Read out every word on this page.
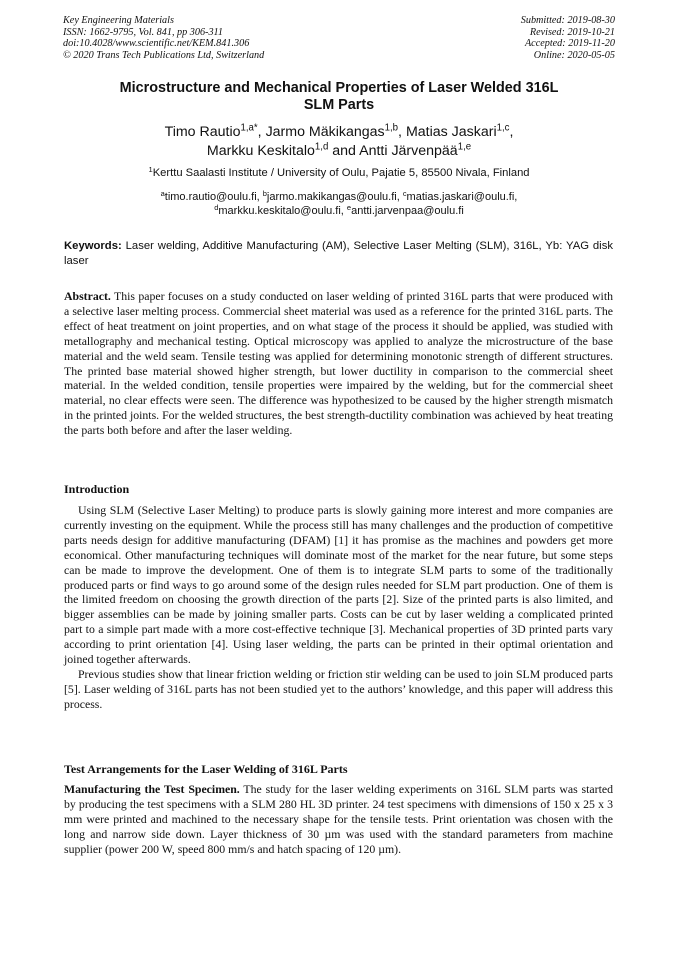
Key Engineering Materials
ISSN: 1662-9795, Vol. 841, pp 306-311
doi:10.4028/www.scientific.net/KEM.841.306
© 2020 Trans Tech Publications Ltd, Switzerland
Submitted: 2019-08-30
Revised: 2019-10-21
Accepted: 2019-11-20
Online: 2020-05-05
Microstructure and Mechanical Properties of Laser Welded 316L
SLM Parts
Timo Rautio$^{1,a*}$, Jarmo Mäkikangas$^{1,b}$, Matias Jaskari$^{1,c}$,
Markku Keskitalo$^{1,d}$ and Antti Järvenpää$^{1,e}$
$^1$Kerttu Saalasti Institute / University of Oulu, Pajatie 5, 85500 Nivala, Finland
$^a$timo.rautio@oulu.fi, $^b$jarmo.makikangas@oulu.fi, $^c$matias.jaskari@oulu.fi,
$^d$markku.keskitalo@oulu.fi, $^e$antti.jarvenpaa@oulu.fi
Keywords: Laser welding, Additive Manufacturing (AM), Selective Laser Melting (SLM), 316L, Yb: YAG disk laser
Abstract. This paper focuses on a study conducted on laser welding of printed 316L parts that were produced with a selective laser melting process. Commercial sheet material was used as a reference for the printed 316L parts. The effect of heat treatment on joint properties, and on what stage of the process it should be applied, was studied with metallography and mechanical testing. Optical microscopy was applied to analyze the microstructure of the base material and the weld seam. Tensile testing was applied for determining monotonic strength of different structures. The printed base material showed higher strength, but lower ductility in comparison to the commercial sheet material. In the welded condition, tensile properties were impaired by the welding, but for the commercial sheet material, no clear effects were seen. The difference was hypothesized to be caused by the higher strength mismatch in the printed joints. For the welded structures, the best strength-ductility combination was achieved by heat treating the parts both before and after the laser welding.
Introduction

Using SLM (Selective Laser Melting) to produce parts is slowly gaining more interest and more companies are currently investing on the equipment. While the process still has many challenges and the production of competitive parts needs design for additive manufacturing (DFAM) [1] it has promise as the machines and powders get more economical. Other manufacturing techniques will dominate most of the market for the near future, but some steps can be made to improve the development. One of them is to integrate SLM parts to some of the traditionally produced parts or find ways to go around some of the design rules needed for SLM part production. One of them is the limited freedom on choosing the growth direction of the parts [2]. Size of the printed parts is also limited, and bigger assemblies can be made by joining smaller parts. Costs can be cut by laser welding a complicated printed part to a simple part made with a more cost-effective technique [3]. Mechanical properties of 3D printed parts vary according to print orientation [4]. Using laser welding, the parts can be printed in their optimal orientation and joined together afterwards.

Previous studies show that linear friction welding or friction stir welding can be used to join SLM produced parts [5]. Laser welding of 316L parts has not been studied yet to the authors’ knowledge, and this paper will address this process.

Test Arrangements for the Laser Welding of 316L Parts

Manufacturing the Test Specimen. The study for the laser welding experiments on 316L SLM parts was started by producing the test specimens with a SLM 280 HL 3D printer. 24 test specimens with dimensions of 150 x 25 x 3 mm were printed and machined to the necessary shape for the tensile tests. Print orientation was chosen with the long and narrow side down. Layer thickness of 30 µm was used with the standard parameters from machine supplier (power 200 W, speed 800 mm/s and hatch spacing of 120 µm).
